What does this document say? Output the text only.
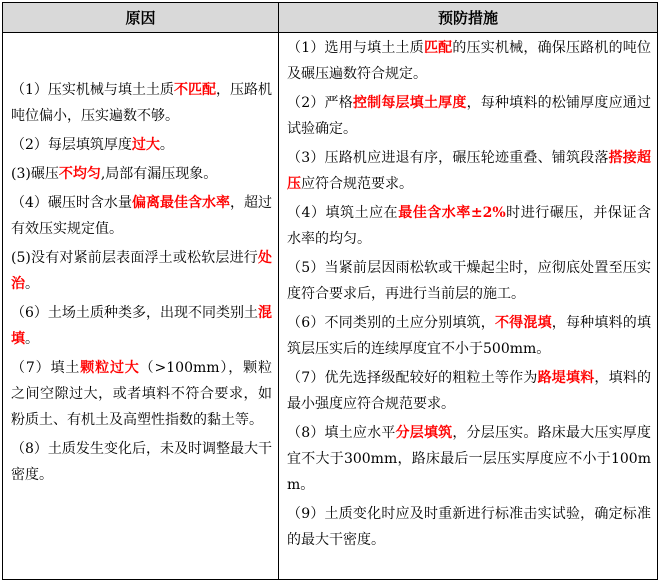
原因	预防措施
（1）压实机械与填土土质不匹配，压路机吨位偏小，压实遍数不够。
（2）每层填筑厚度过大。
(3)碾压不均匀,局部有漏压现象。
（4）碾压时含水量偏离最佳含水率，超过有效压实规定值。
(5)没有对紧前层表面浮土或松软层进行处治。
（6）土场土质种类多，出现不同类别土混填。
（7）填土颗粒过大（>100mm），颗粒之间空隙过大，或者填料不符合要求，如粉质土、有机土及高塑性指数的黏土等。
（8）土质发生变化后，未及时调整最大干密度。
（1）选用与填土土质匹配的压实机械，确保压路机的吨位及碾压遍数符合规定。
（2）严格控制每层填土厚度，每种填料的松铺厚度应通过试验确定。
（3）压路机应进退有序，碾压轮迹重叠、铺筑段落搭接超压应符合规范要求。
（4）填筑土应在最佳含水率±2%时进行碾压，并保证含水率的均匀。
（5）当紧前层因雨松软或干燥起尘时，应彻底处置至压实度符合要求后，再进行当前层的施工。
（6）不同类别的土应分别填筑，不得混填，每种填料的填筑层压实后的连续厚度宜不小于500mm。
（7）优先选择级配较好的粗粒土等作为路堤填料，填料的最小强度应符合规范要求。
（8）填土应水平分层填筑，分层压实。路床最大压实厚度宜不大于300mm，路床最后一层压实厚度应不小于100mm。
（9）土质变化时应及时重新进行标准击实试验，确定标准的最大干密度。
